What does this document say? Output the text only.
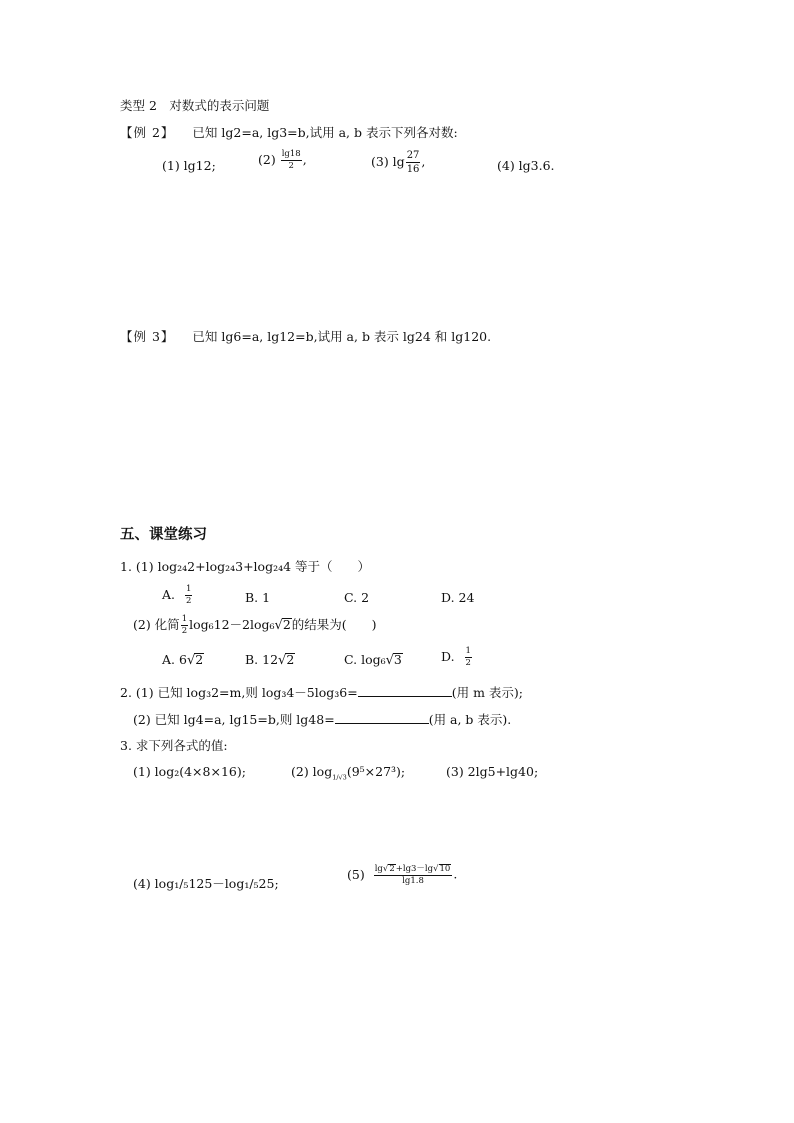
类型 2　对数式的表示问题
【例 2】 已知 lg2=a, lg3=b,试用 a, b 表示下列各对数:
(1) lg12;	$(2) \frac{\lg 18}{2}$ ,	(3) $\lg \frac{27}{16}$ ,	(4) lg3.6.
【例 3】 已知 lg6=a, lg12=b,试用 a, b 表示 lg24 和 lg120.
五、课堂练习
1. (1) log₂₄2+log₂₄3+log₂₄4 等于（　　）
A. $\frac{1}{2}$	B. 1	C. 2	D. 24
(2) 化简 $\frac{1}{2} \log_612-2\log_6√2$的结果为(　　)
A. 6√2	B. 12√2	C. log₆√3	D. $\frac{1}{2}$
2. (1) 已知 log₃2=m,则 log₃4－5log₃6=	(用 m 表示);
(2) 已知 lg4=a, lg15=b,则 lg48=	(用 a, b 表示).
3. 求下列各式的值:
(1) log₂(4×8×16);	(2) $\log_{1/√3}(9^5\times 27^3)$;	(3) 2lg5+lg40;
(4) log₁/₅125－log₁/₅25;
$(5) \frac{\lg√2+\lg 3-\lg√10}{\lg 1.8}$ .
